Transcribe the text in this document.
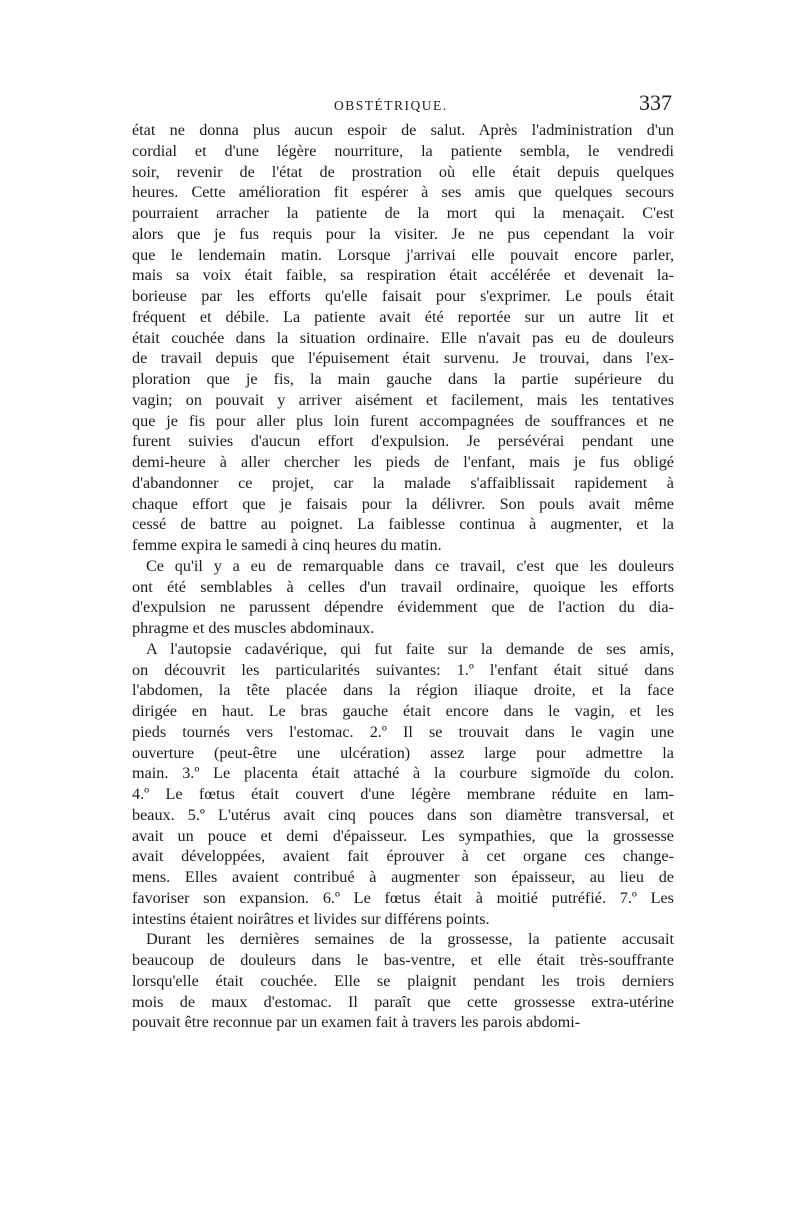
OBSTÉTRIQUE.	337

état ne donna plus aucun espoir de salut. Après l'administration d'un
cordial et d'une légère nourriture, la patiente sembla, le vendredi
soir, revenir de l'état de prostration où elle était depuis quelques
heures. Cette amélioration fit espérer à ses amis que quelques secours
pourraient arracher la patiente de la mort qui la menaçait. C'est
alors que je fus requis pour la visiter. Je ne pus cependant la voir
que le lendemain matin. Lorsque j'arrivai elle pouvait encore parler,
mais sa voix était faible, sa respiration était accélérée et devenait la-
borieuse par les efforts qu'elle faisait pour s'exprimer. Le pouls était
fréquent et débile. La patiente avait été reportée sur un autre lit et
était couchée dans la situation ordinaire. Elle n'avait pas eu de douleurs
de travail depuis que l'épuisement était survenu. Je trouvai, dans l'ex-
ploration que je fis, la main gauche dans la partie supérieure du
vagin; on pouvait y arriver aisément et facilement, mais les tentatives
que je fis pour aller plus loin furent accompagnées de souffrances et ne
furent suivies d'aucun effort d'expulsion. Je persévérai pendant une
demi-heure à aller chercher les pieds de l'enfant, mais je fus obligé
d'abandonner ce projet, car la malade s'affaiblissait rapidement à
chaque effort que je faisais pour la délivrer. Son pouls avait même
cessé de battre au poignet. La faiblesse continua à augmenter, et la
femme expira le samedi à cinq heures du matin.

Ce qu'il y a eu de remarquable dans ce travail, c'est que les douleurs
ont été semblables à celles d'un travail ordinaire, quoique les efforts
d'expulsion ne parussent dépendre évidemment que de l'action du dia-
phragme et des muscles abdominaux.

A l'autopsie cadavérique, qui fut faite sur la demande de ses amis,
on découvrit les particularités suivantes: 1.º l'enfant était situé dans
l'abdomen, la tête placée dans la région iliaque droite, et la face
dirigée en haut. Le bras gauche était encore dans le vagin, et les
pieds tournés vers l'estomac. 2.º Il se trouvait dans le vagin une
ouverture (peut-être une ulcération) assez large pour admettre la
main. 3.º Le placenta était attaché à la courbure sigmoïde du colon.
4.º Le fœtus était couvert d'une légère membrane réduite en lam-
beaux. 5.º L'utérus avait cinq pouces dans son diamètre transversal, et
avait un pouce et demi d'épaisseur. Les sympathies, que la grossesse
avait développées, avaient fait éprouver à cet organe ces change-
mens. Elles avaient contribué à augmenter son épaisseur, au lieu de
favoriser son expansion. 6.º Le fœtus était à moitié putréfié. 7.º Les
intestins étaient noirâtres et livides sur différens points.

Durant les dernières semaines de la grossesse, la patiente accusait
beaucoup de douleurs dans le bas-ventre, et elle était très-souffrante
lorsqu'elle était couchée. Elle se plaignit pendant les trois derniers
mois de maux d'estomac. Il paraît que cette grossesse extra-utérine
pouvait être reconnue par un examen fait à travers les parois abdomi-
